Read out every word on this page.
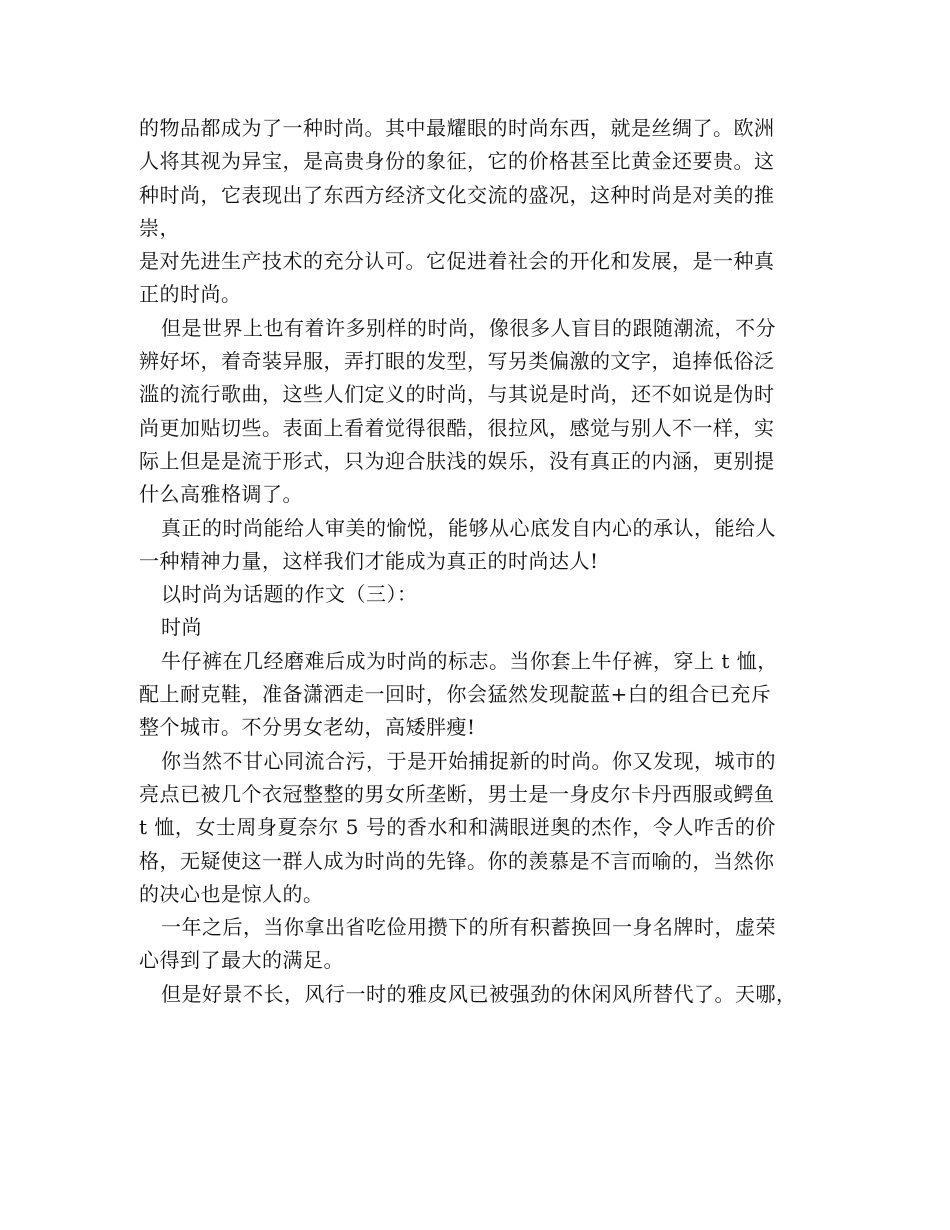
的物品都成为了一种时尚。其中最耀眼的时尚东西，就是丝绸了。欧洲
人将其视为异宝，是高贵身份的象征，它的价格甚至比黄金还要贵。这
种时尚，它表现出了东西方经济文化交流的盛况，这种时尚是对美的推
崇，
是对先进生产技术的充分认可。它促进着社会的开化和发展，是一种真
正的时尚。
但是世界上也有着许多别样的时尚，像很多人盲目的跟随潮流，不分
辨好坏，着奇装异服，弄打眼的发型，写另类偏激的文字，追捧低俗泛
滥的流行歌曲，这些人们定义的时尚，与其说是时尚，还不如说是伪时
尚更加贴切些。表面上看着觉得很酷，很拉风，感觉与别人不一样，实
际上但是是流于形式，只为迎合肤浅的娱乐，没有真正的内涵，更别提
什么高雅格调了。
真正的时尚能给人审美的愉悦，能够从心底发自内心的承认，能给人
一种精神力量，这样我们才能成为真正的时尚达人!
以时尚为话题的作文（三）：
时尚
牛仔裤在几经磨难后成为时尚的标志。当你套上牛仔裤，穿上 t 恤，
配上耐克鞋，准备潇洒走一回时，你会猛然发现靛蓝+白的组合已充斥
整个城市。不分男女老幼，高矮胖瘦!
你当然不甘心同流合污，于是开始捕捉新的时尚。你又发现，城市的
亮点已被几个衣冠整整的男女所垄断，男士是一身皮尔卡丹西服或鳄鱼
t 恤，女士周身夏奈尔 5 号的香水和和满眼迸奥的杰作，令人咋舌的价
格，无疑使这一群人成为时尚的先锋。你的羡慕是不言而喻的，当然你
的决心也是惊人的。
一年之后，当你拿出省吃俭用攒下的所有积蓄换回一身名牌时，虚荣
心得到了最大的满足。
但是好景不长，风行一时的雅皮风已被强劲的休闲风所替代了。天哪，
